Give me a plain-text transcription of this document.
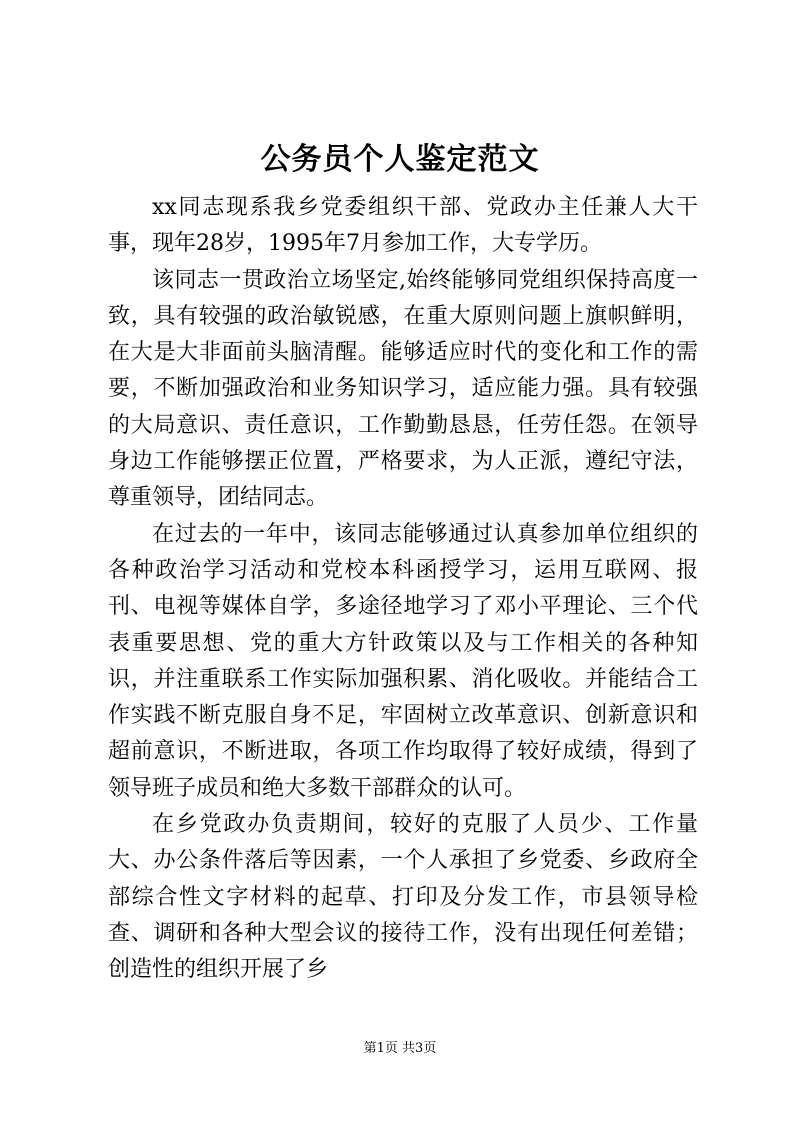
公务员个人鉴定范文

xx同志现系我乡党委组织干部、党政办主任兼人大干事，现年28岁，1995年7月参加工作，大专学历。

该同志一贯政治立场坚定,始终能够同党组织保持高度一致，具有较强的政治敏锐感，在重大原则问题上旗帜鲜明，在大是大非面前头脑清醒。能够适应时代的变化和工作的需要，不断加强政治和业务知识学习，适应能力强。具有较强的大局意识、责任意识，工作勤勤恳恳，任劳任怨。在领导身边工作能够摆正位置，严格要求，为人正派，遵纪守法，尊重领导，团结同志。

在过去的一年中，该同志能够通过认真参加单位组织的各种政治学习活动和党校本科函授学习，运用互联网、报刊、电视等媒体自学，多途径地学习了邓小平理论、三个代表重要思想、党的重大方针政策以及与工作相关的各种知识，并注重联系工作实际加强积累、消化吸收。并能结合工作实践不断克服自身不足，牢固树立改革意识、创新意识和超前意识，不断进取，各项工作均取得了较好成绩，得到了领导班子成员和绝大多数干部群众的认可。

在乡党政办负责期间，较好的克服了人员少、工作量大、办公条件落后等因素，一个人承担了乡党委、乡政府全部综合性文字材料的起草、打印及分发工作，市县领导检查、调研和各种大型会议的接待工作，没有出现任何差错；创造性的组织开展了乡

第1页 共3页
